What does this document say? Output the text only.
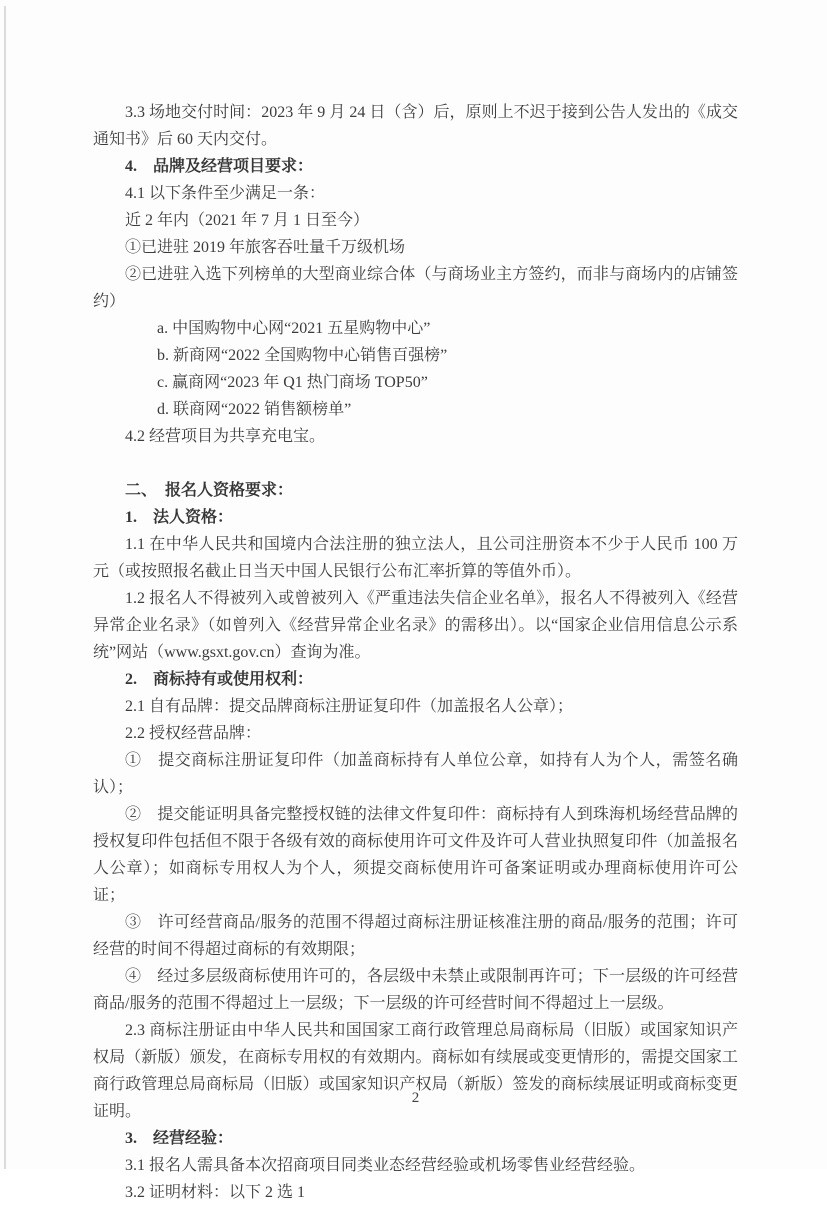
3.3 场地交付时间：2023 年 9 月 24 日（含）后，原则上不迟于接到公告人发出的《成交通知书》后 60 天内交付。

4.　品牌及经营项目要求：

4.1 以下条件至少满足一条：

近 2 年内（2021 年 7 月 1 日至今）

①已进驻 2019 年旅客吞吐量千万级机场

②已进驻入选下列榜单的大型商业综合体（与商场业主方签约，而非与商场内的店铺签约）

a. 中国购物中心网“2021 五星购物中心”

b. 新商网“2022 全国购物中心销售百强榜”

c. 赢商网“2023 年 Q1 热门商场 TOP50”

d. 联商网“2022 销售额榜单”

4.2 经营项目为共享充电宝。

二、　报名人资格要求：

1.　法人资格：

1.1 在中华人民共和国境内合法注册的独立法人，且公司注册资本不少于人民币 100 万元（或按照报名截止日当天中国人民银行公布汇率折算的等值外币）。

1.2 报名人不得被列入或曾被列入《严重违法失信企业名单》，报名人不得被列入《经营异常企业名录》（如曾列入《经营异常企业名录》的需移出）。以“国家企业信用信息公示系统”网站（www.gsxt.gov.cn）查询为准。

2.　商标持有或使用权利：

2.1 自有品牌：提交品牌商标注册证复印件（加盖报名人公章）；

2.2 授权经营品牌：

①　提交商标注册证复印件（加盖商标持有人单位公章，如持有人为个人，需签名确认）；

②　提交能证明具备完整授权链的法律文件复印件：商标持有人到珠海机场经营品牌的授权复印件包括但不限于各级有效的商标使用许可文件及许可人营业执照复印件（加盖报名人公章）；如商标专用权人为个人，须提交商标使用许可备案证明或办理商标使用许可公证；

③　许可经营商品/服务的范围不得超过商标注册证核准注册的商品/服务的范围；许可经营的时间不得超过商标的有效期限；

④　经过多层级商标使用许可的，各层级中未禁止或限制再许可；下一层级的许可经营商品/服务的范围不得超过上一层级；下一层级的许可经营时间不得超过上一层级。

2.3 商标注册证由中华人民共和国国家工商行政管理总局商标局（旧版）或国家知识产权局（新版）颁发，在商标专用权的有效期内。商标如有续展或变更情形的，需提交国家工商行政管理总局商标局（旧版）或国家知识产权局（新版）签发的商标续展证明或商标变更证明。

3.　经营经验：

3.1 报名人需具备本次招商项目同类业态经营经验或机场零售业经营经验。

3.2 证明材料：以下 2 选 1

2
